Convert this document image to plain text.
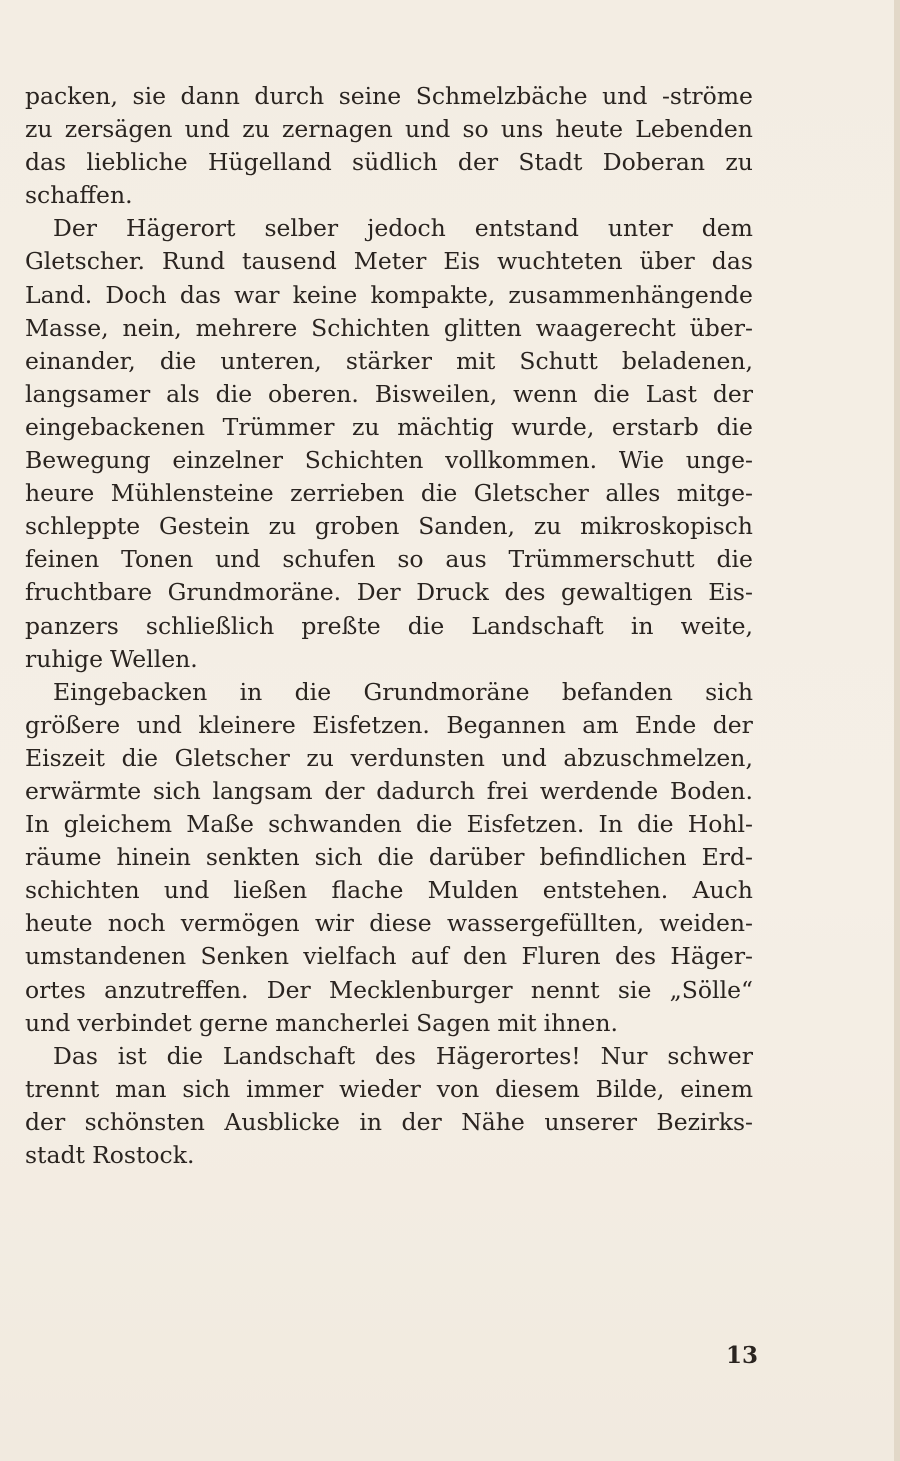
packen, sie dann durch seine Schmelzbäche und -ströme
zu zersägen und zu zernagen und so uns heute Lebenden
das liebliche Hügelland südlich der Stadt Doberan zu
schaffen.
Der Hägerort selber jedoch entstand unter dem
Gletscher. Rund tausend Meter Eis wuchteten über das
Land. Doch das war keine kompakte, zusammenhängende
Masse, nein, mehrere Schichten glitten waagerecht über-
einander, die unteren, stärker mit Schutt beladenen,
langsamer als die oberen. Bisweilen, wenn die Last der
eingebackenen Trümmer zu mächtig wurde, erstarb die
Bewegung einzelner Schichten vollkommen. Wie unge-
heure Mühlensteine zerrieben die Gletscher alles mitge-
schleppte Gestein zu groben Sanden, zu mikroskopisch
feinen Tonen und schufen so aus Trümmerschutt die
fruchtbare Grundmoräne. Der Druck des gewaltigen Eis-
panzers schließlich preßte die Landschaft in weite,
ruhige Wellen.
Eingebacken in die Grundmoräne befanden sich
größere und kleinere Eisfetzen. Begannen am Ende der
Eiszeit die Gletscher zu verdunsten und abzuschmelzen,
erwärmte sich langsam der dadurch frei werdende Boden.
In gleichem Maße schwanden die Eisfetzen. In die Hohl-
räume hinein senkten sich die darüber befindlichen Erd-
schichten und ließen flache Mulden entstehen. Auch
heute noch vermögen wir diese wassergefüllten, weiden-
umstandenen Senken vielfach auf den Fluren des Häger-
ortes anzutreffen. Der Mecklenburger nennt sie „Sölle“
und verbindet gerne mancherlei Sagen mit ihnen.
Das ist die Landschaft des Hägerortes! Nur schwer
trennt man sich immer wieder von diesem Bilde, einem
der schönsten Ausblicke in der Nähe unserer Bezirks-
stadt Rostock.
13
